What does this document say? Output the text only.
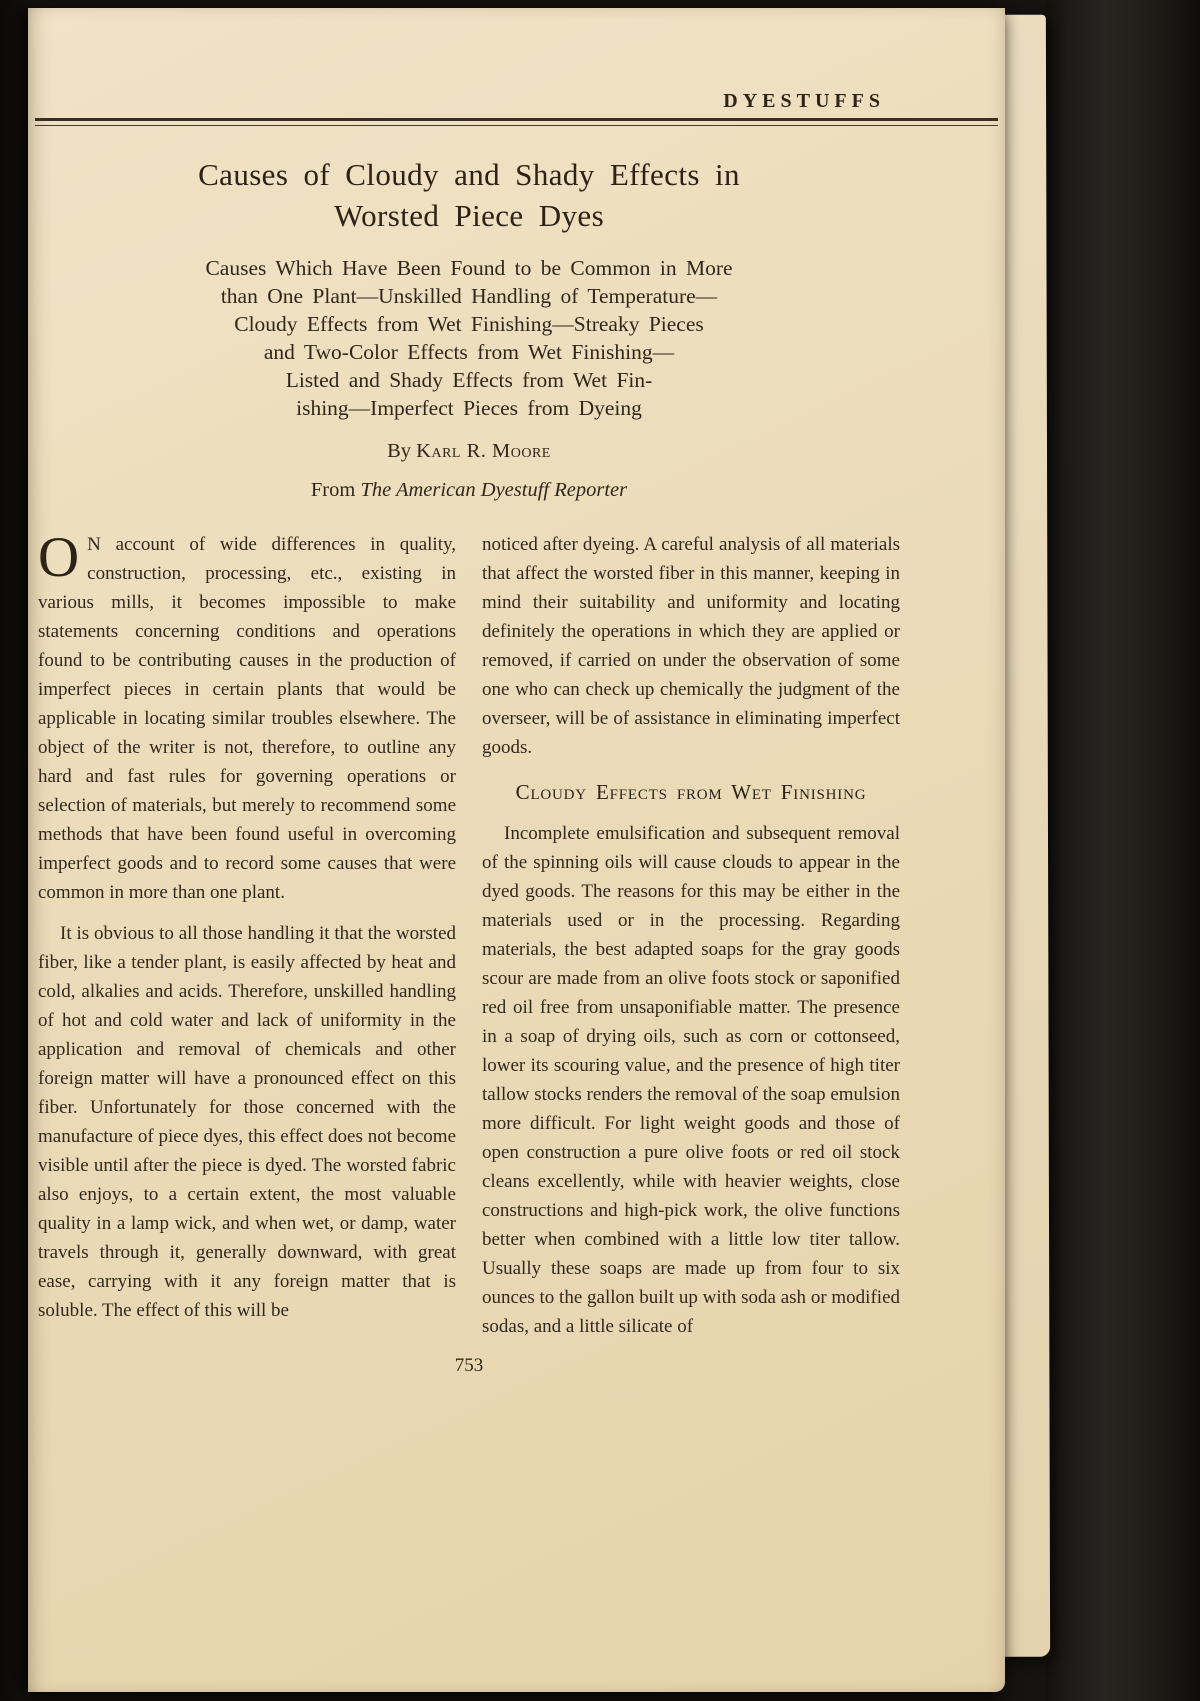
DYESTUFFS
Causes of Cloudy and Shady Effects in
Worsted Piece Dyes
Causes Which Have Been Found to be Common in More
than One Plant—Unskilled Handling of Temperature—
Cloudy Effects from Wet Finishing—Streaky Pieces
and Two-Color Effects from Wet Finishing—
Listed and Shady Effects from Wet Fin-
ishing—Imperfect Pieces from Dyeing
By Karl R. Moore
From The American Dyestuff Reporter

O N account of wide differences in quality, construction, processing, etc., existing in various mills, it becomes impossible to make statements concerning conditions and operations found to be contributing causes in the production of imperfect pieces in certain plants that would be applicable in locating similar troubles elsewhere. The object of the writer is not, therefore, to outline any hard and fast rules for governing operations or selection of materials, but merely to recommend some methods that have been found useful in overcoming imperfect goods and to record some causes that were common in more than one plant.

It is obvious to all those handling it that the worsted fiber, like a tender plant, is easily affected by heat and cold, alkalies and acids. Therefore, unskilled handling of hot and cold water and lack of uniformity in the application and removal of chemicals and other foreign matter will have a pronounced effect on this fiber. Unfortunately for those concerned with the manufacture of piece dyes, this effect does not become visible until after the piece is dyed. The worsted fabric also enjoys, to a certain extent, the most valuable quality in a lamp wick, and when wet, or damp, water travels through it, generally downward, with great ease, carrying with it any foreign matter that is soluble. The effect of this will be

noticed after dyeing. A careful analysis of all materials that affect the worsted fiber in this manner, keeping in mind their suitability and uniformity and locating definitely the operations in which they are applied or removed, if carried on under the observation of some one who can check up chemically the judgment of the overseer, will be of assistance in eliminating imperfect goods.

Cloudy Effects from Wet Finishing

Incomplete emulsification and subsequent removal of the spinning oils will cause clouds to appear in the dyed goods. The reasons for this may be either in the materials used or in the processing. Regarding materials, the best adapted soaps for the gray goods scour are made from an olive foots stock or saponified red oil free from unsaponifiable matter. The presence in a soap of drying oils, such as corn or cottonseed, lower its scouring value, and the presence of high titer tallow stocks renders the removal of the soap emulsion more difficult. For light weight goods and those of open construction a pure olive foots or red oil stock cleans excellently, while with heavier weights, close constructions and high-pick work, the olive functions better when combined with a little low titer tallow. Usually these soaps are made up from four to six ounces to the gallon built up with soda ash or modified sodas, and a little silicate of

753
